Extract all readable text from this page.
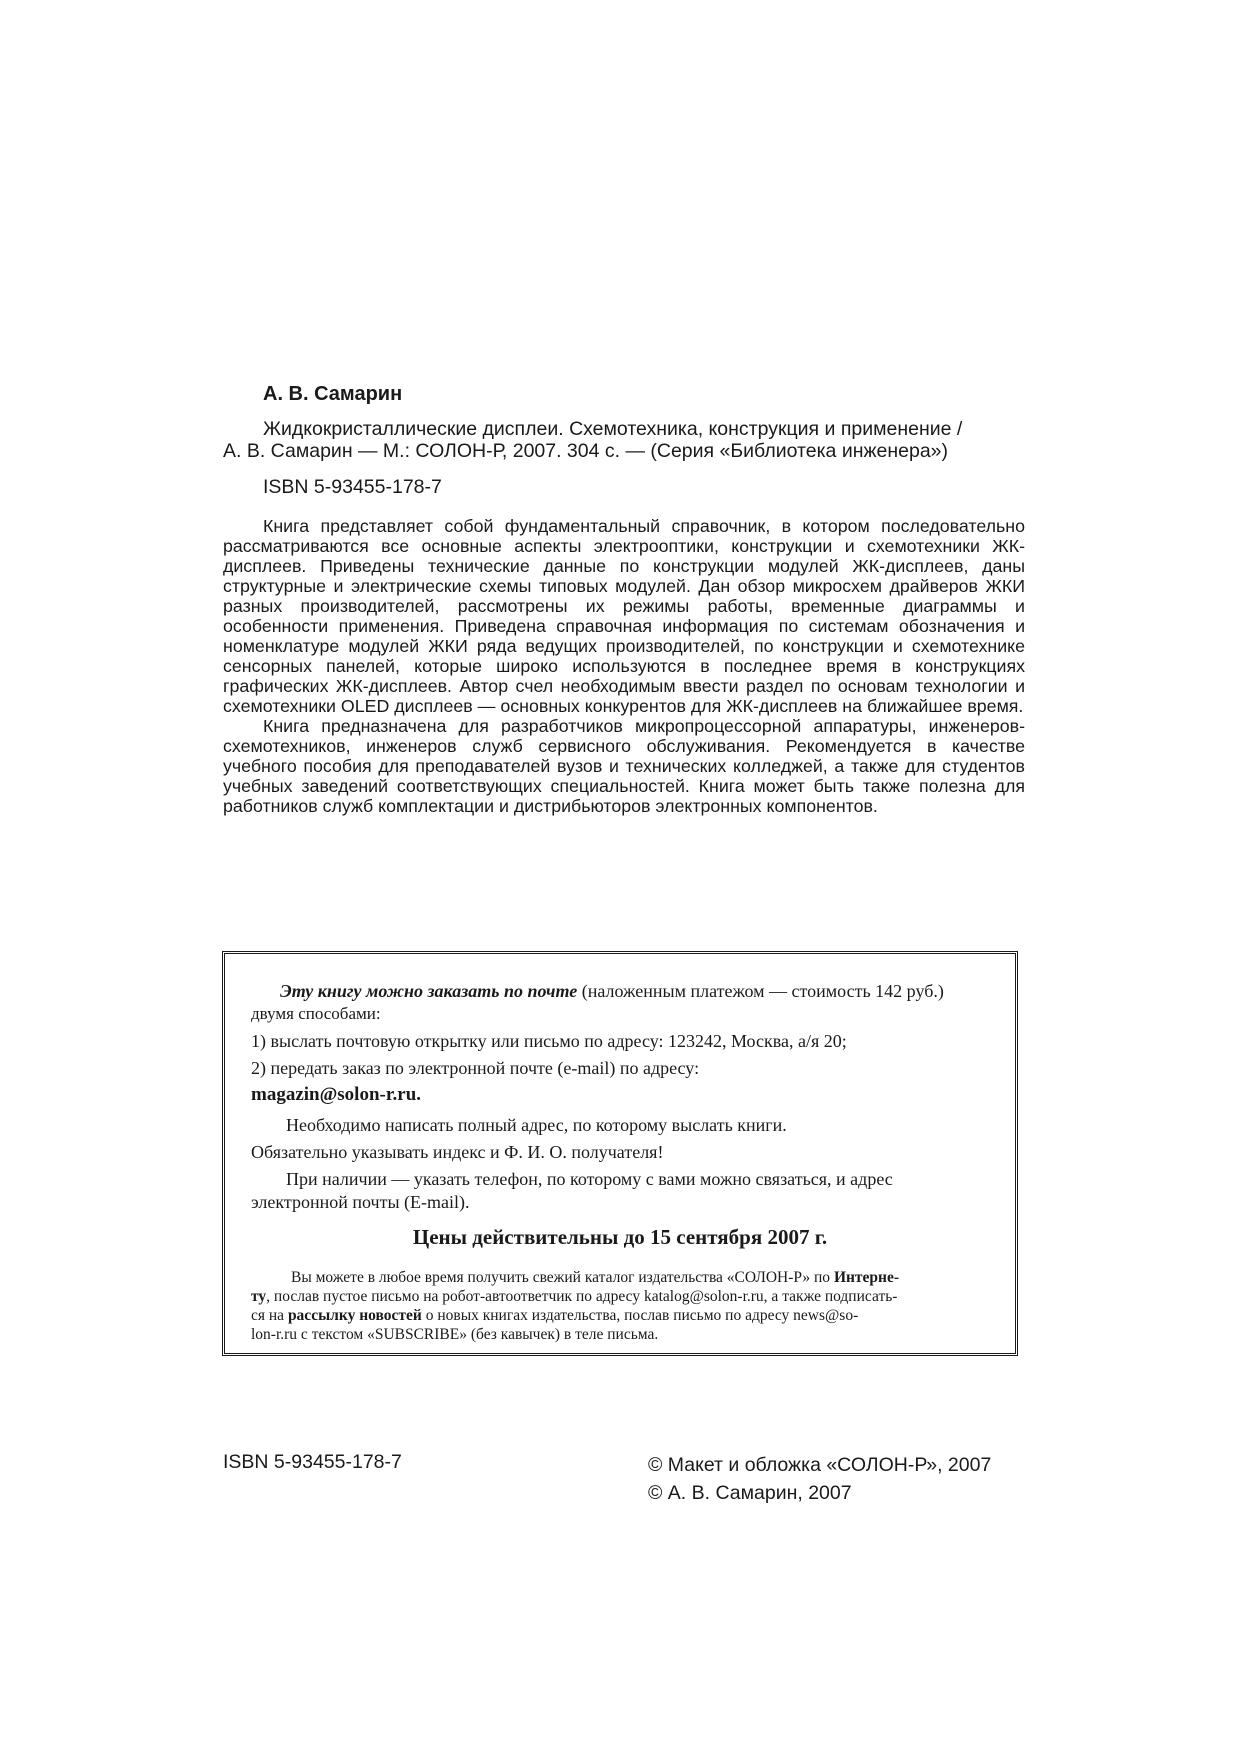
А. В. Самарин
Жидкокристаллические дисплеи. Схемотехника, конструкция и применение /
А. В. Самарин — М.: СОЛОН-Р, 2007. 304 с. — (Серия «Библиотека инженера»)
ISBN 5-93455-178-7

Книга представляет собой фундаментальный справочник, в котором последовательно рассматриваются все основные аспекты электрооптики, конструкции и схемотехники ЖК-дисплеев. Приведены технические данные по конструкции модулей ЖК-дисплеев, даны структурные и электрические схемы типовых модулей. Дан обзор микросхем драйверов ЖКИ разных производителей, рассмотрены их режимы работы, временные диаграммы и особенности применения. Приведена справочная информация по системам обозначения и номенклатуре модулей ЖКИ ряда ведущих производителей, по конструкции и схемотехнике сенсорных панелей, которые широко используются в последнее время в конструкциях графических ЖК-дисплеев. Автор счел необходимым ввести раздел по основам технологии и схемотехники OLED дисплеев — основных конкурентов для ЖК-дисплеев на ближайшее время.

Книга предназначена для разработчиков микропроцессорной аппаратуры, инженеров-схемотехников, инженеров служб сервисного обслуживания. Рекомендуется в качестве учебного пособия для преподавателей вузов и технических колледжей, а также для студентов учебных заведений соответствующих специальностей. Книга может быть также полезна для работников служб комплектации и дистрибьюторов электронных компонентов.

Эту книгу можно заказать по почте (наложенным платежом — стоимость 142 руб.)
двумя способами:
1) выслать почтовую открытку или письмо по адресу: 123242, Москва, а/я 20;
2) передать заказ по электронной почте (e-mail) по адресу:
magazin@solon-r.ru.
Необходимо написать полный адрес, по которому выслать книги.
Обязательно указывать индекс и Ф. И. О. получателя!
При наличии — указать телефон, по которому с вами можно связаться, и адрес
электронной почты (E-mail).
Цены действительны до 15 сентября 2007 г.
Вы можете в любое время получить свежий каталог издательства «СОЛОН-Р» по Интерне-
ту, послав пустое письмо на робот-автоответчик по адресу katalog@solon-r.ru, а также подписать-
ся на рассылку новостей о новых книгах издательства, послав письмо по адресу news@so-
lon-r.ru с текстом «SUBSCRIBE» (без кавычек) в теле письма.
ISBN 5-93455-178-7	© Макет и обложка «СОЛОН-Р», 2007
© А. В. Самарин, 2007
